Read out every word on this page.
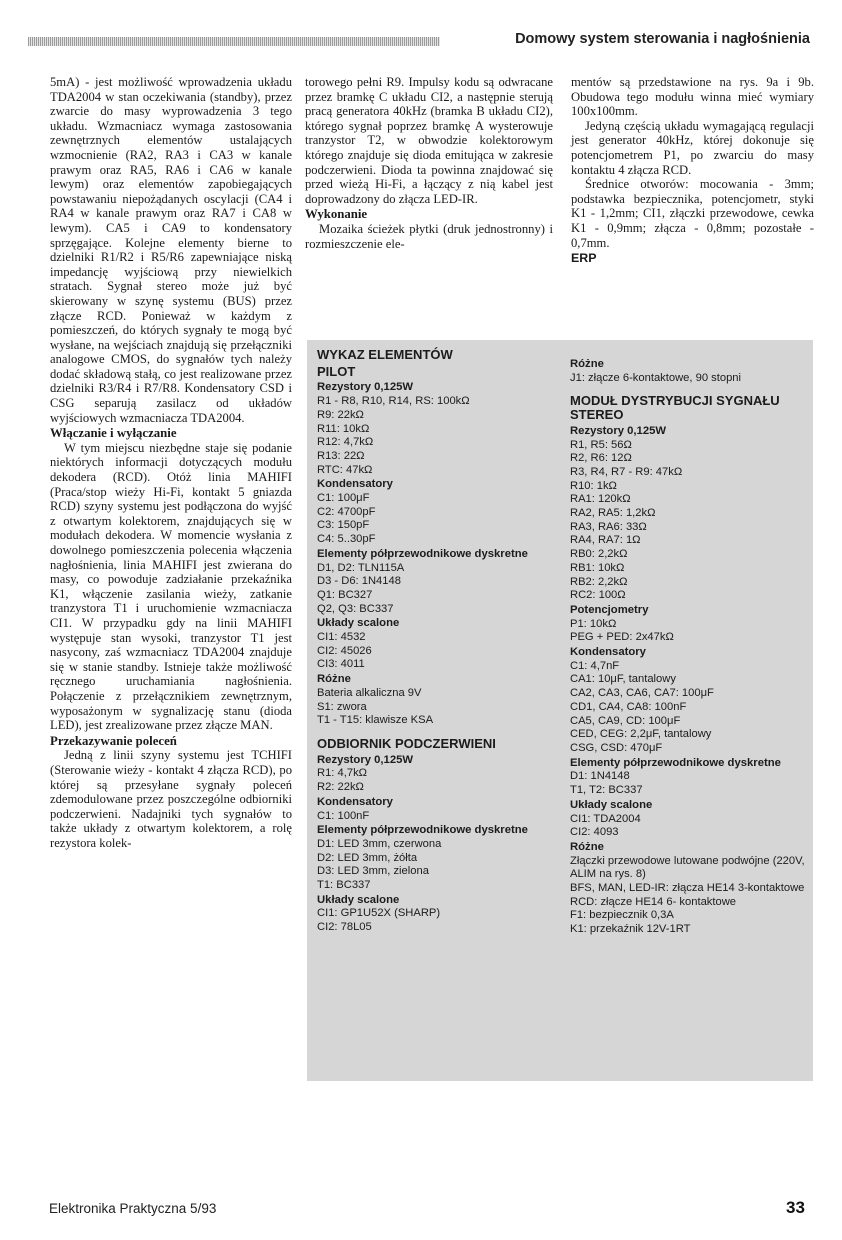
Domowy system sterowania i nagłośnienia

5mA) - jest możliwość wprowadzenia układu TDA2004 w stan oczekiwania (standby), przez zwarcie do masy wyprowadzenia 3 tego układu. Wzmacniacz wymaga zastosowania zewnętrznych elementów ustalających wzmocnienie (RA2, RA3 i CA3 w kanale prawym oraz RA5, RA6 i CA6 w kanale lewym) oraz elementów zapobiegających powstawaniu niepożądanych oscylacji (CA4 i RA4 w kanale prawym oraz RA7 i CA8 w lewym). CA5 i CA9 to kondensatory sprzęgające. Kolejne elementy bierne to dzielniki R1/R2 i R5/R6 zapewniające niską impedancję wyjściową przy niewielkich stratach. Sygnał stereo może już być skierowany w szynę systemu (BUS) przez złącze RCD. Ponieważ w każdym z pomieszczeń, do których sygnały te mogą być wysłane, na wejściach znajdują się przełączniki analogowe CMOS, do sygnałów tych należy dodać składową stałą, co jest realizowane przez dzielniki R3/R4 i R7/R8. Kondensatory CSD i CSG separują zasilacz od układów wyjściowych wzmacniacza TDA2004.

Włączanie i wyłączanie

W tym miejscu niezbędne staje się podanie niektórych informacji dotyczących modułu dekodera (RCD). Otóż linia MAHIFI (Praca/stop wieży Hi-Fi, kontakt 5 gniazda RCD) szyny systemu jest podłączona do wyjść z otwartym kolektorem, znajdujących się w modułach dekodera. W momencie wysłania z dowolnego pomieszczenia polecenia włączenia nagłośnienia, linia MAHIFI jest zwierana do masy, co powoduje zadziałanie przekaźnika K1, włączenie zasilania wieży, zatkanie tranzystora T1 i uruchomienie wzmacniacza CI1. W przypadku gdy na linii MAHIFI występuje stan wysoki, tranzystor T1 jest nasycony, zaś wzmacniacz TDA2004 znajduje się w stanie standby. Istnieje także możliwość ręcznego uruchamiania nagłośnienia. Połączenie z przełącznikiem zewnętrznym, wyposażonym w sygnalizację stanu (dioda LED), jest zrealizowane przez złącze MAN.

Przekazywanie poleceń

Jedną z linii szyny systemu jest TCHIFI (Sterowanie wieży - kontakt 4 złącza RCD), po której są przesyłane sygnały poleceń zdemodulowane przez poszczególne odbiorniki podczerwieni. Nadajniki tych sygnałów to także układy z otwartym kolektorem, a rolę rezystora kolek-

torowego pełni R9. Impulsy kodu są odwracane przez bramkę C układu CI2, a następnie sterują pracą generatora 40kHz (bramka B układu CI2), którego sygnał poprzez bramkę A wysterowuje tranzystor T2, w obwodzie kolektorowym którego znajduje się dioda emitująca w zakresie podczerwieni. Dioda ta powinna znajdować się przed wieżą Hi-Fi, a łączący z nią kabel jest doprowadzony do złącza LED-IR.

Wykonanie

Mozaika ścieżek płytki (druk jednostronny) i rozmieszczenie ele-

mentów są przedstawione na rys. 9a i 9b. Obudowa tego modułu winna mieć wymiary 100x100mm.

Jedyną częścią układu wymagającą regulacji jest generator 40kHz, której dokonuje się potencjometrem P1, po zwarciu do masy kontaktu 4 złącza RCD.

Średnice otworów: mocowania - 3mm; podstawka bezpiecznika, potencjometr, styki K1 - 1,2mm; CI1, złączki przewodowe, cewka K1 - 0,9mm; złącza - 0,8mm; pozostałe - 0,7mm.

ERP
WYKAZ ELEMENTÓW
PILOT
Rezystory 0,125W
R1 - R8, R10, R14, RS: 100kΩ
R9: 22kΩ
R11: 10kΩ
R12: 4,7kΩ
R13: 22Ω
RTC: 47kΩ
Kondensatory
C1: 100μF
C2: 4700pF
C3: 150pF
C4: 5..30pF
Elementy półprzewodnikowe dyskretne
D1, D2: TLN115A
D3 - D6: 1N4148
Q1: BC327
Q2, Q3: BC337
Układy scalone
CI1: 4532
CI2: 45026
CI3: 4011
Różne
Bateria alkaliczna 9V
S1: zwora
T1 - T15: klawisze KSA
ODBIORNIK PODCZERWIENI
Rezystory 0,125W
R1: 4,7kΩ
R2: 22kΩ
Kondensatory
C1: 100nF
Elementy półprzewodnikowe dyskretne
D1: LED 3mm, czerwona
D2: LED 3mm, żółta
D3: LED 3mm, zielona
T1: BC337
Układy scalone
CI1: GP1U52X (SHARP)
CI2: 78L05
Różne
J1: złącze 6-kontaktowe, 90 stopni
MODUŁ DYSTRYBUCJI SYGNAŁU STEREO
Rezystory 0,125W
R1, R5: 56Ω
R2, R6: 12Ω
R3, R4, R7 - R9: 47kΩ
R10: 1kΩ
RA1: 120kΩ
RA2, RA5: 1,2kΩ
RA3, RA6: 33Ω
RA4, RA7: 1Ω
RB0: 2,2kΩ
RB1: 10kΩ
RB2: 2,2kΩ
RC2: 100Ω
Potencjometry
P1: 10kΩ
PEG + PED: 2x47kΩ
Kondensatory
C1: 4,7nF
CA1: 10μF, tantalowy
CA2, CA3, CA6, CA7: 100μF
CD1, CA4, CA8: 100nF
CA5, CA9, CD: 100μF
CED, CEG: 2,2μF, tantalowy
CSG, CSD: 470μF
Elementy półprzewodnikowe dyskretne
D1: 1N4148
T1, T2: BC337
Układy scalone
CI1: TDA2004
CI2: 4093
Różne
Złączki przewodowe lutowane podwójne (220V, ALIM na rys. 8)
BFS, MAN, LED-IR: złącza HE14 3-kontaktowe
RCD: złącze HE14 6- kontaktowe
F1: bezpiecznik 0,3A
K1: przekaźnik 12V-1RT
Elektronika Praktyczna 5/93	33
